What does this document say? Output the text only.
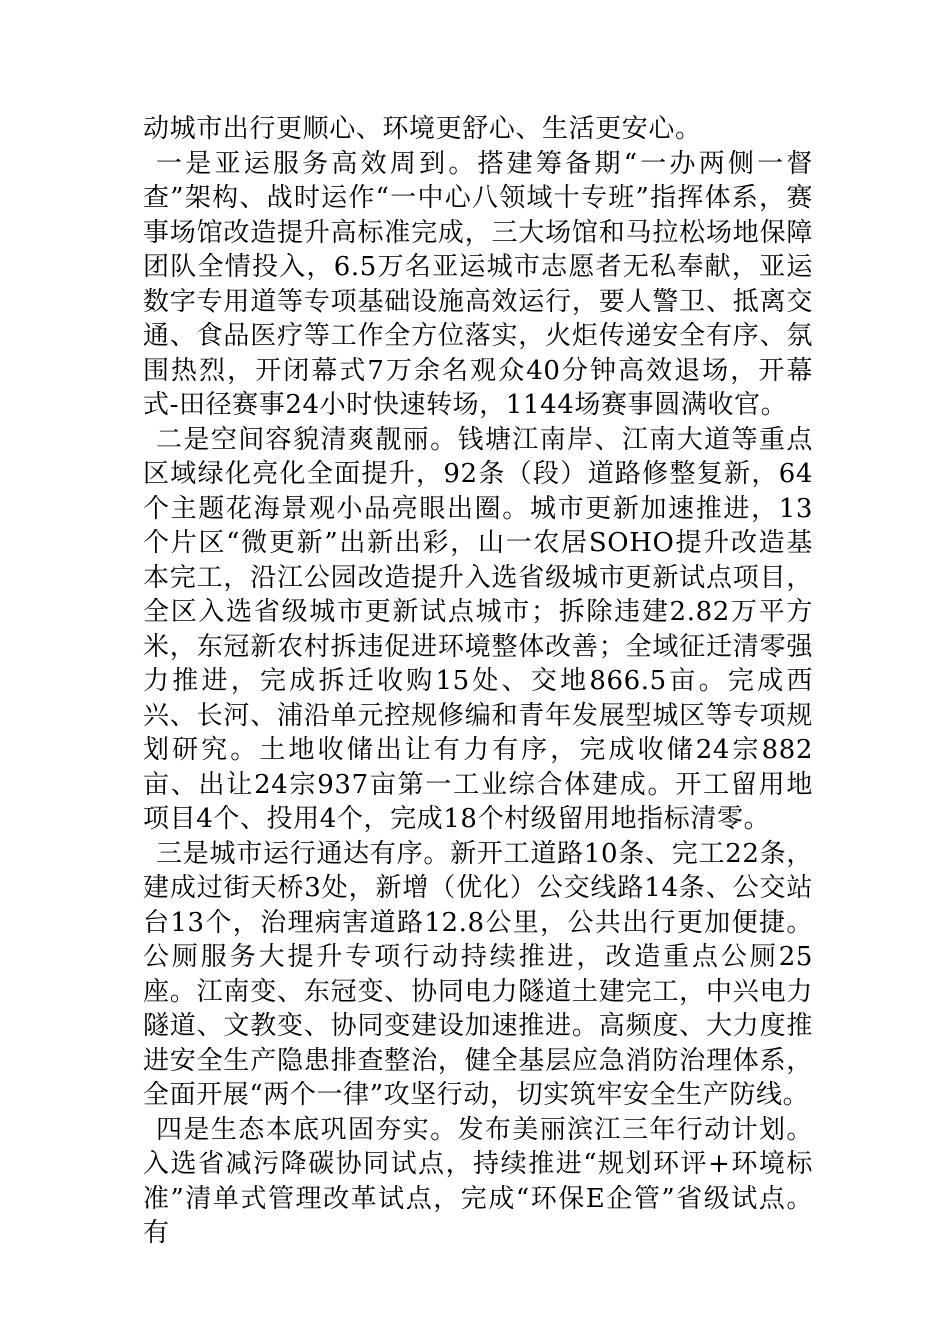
动城市出行更顺心、环境更舒心、生活更安心。

一是亚运服务高效周到。搭建筹备期“一办两侧一督查”架构、战时运作“一中心八领域十专班”指挥体系，赛事场馆改造提升高标准完成，三大场馆和马拉松场地保障团队全情投入，6.5万名亚运城市志愿者无私奉献，亚运数字专用道等专项基础设施高效运行，要人警卫、抵离交通、食品医疗等工作全方位落实，火炬传递安全有序、氛围热烈，开闭幕式7万余名观众40分钟高效退场，开幕式-田径赛事24小时快速转场，1144场赛事圆满收官。

二是空间容貌清爽靓丽。钱塘江南岸、江南大道等重点区域绿化亮化全面提升，92条（段）道路修整复新，64个主题花海景观小品亮眼出圈。城市更新加速推进，13个片区“微更新”出新出彩，山一农居SOHO提升改造基本完工，沿江公园改造提升入选省级城市更新试点项目，全区入选省级城市更新试点城市；拆除违建2.82万平方米，东冠新农村拆违促进环境整体改善；全域征迁清零强力推进，完成拆迁收购15处、交地866.5亩。完成西兴、长河、浦沿单元控规修编和青年发展型城区等专项规划研究。土地收储出让有力有序，完成收储24宗882亩、出让24宗937亩第一工业综合体建成。开工留用地项目4个、投用4个，完成18个村级留用地指标清零。

三是城市运行通达有序。新开工道路10条、完工22条，建成过街天桥3处，新增（优化）公交线路14条、公交站台13个，治理病害道路12.8公里，公共出行更加便捷。公厕服务大提升专项行动持续推进，改造重点公厕25座。江南变、东冠变、协同电力隧道土建完工，中兴电力隧道、文教变、协同变建设加速推进。高频度、大力度推进安全生产隐患排查整治，健全基层应急消防治理体系，全面开展“两个一律”攻坚行动，切实筑牢安全生产防线。

四是生态本底巩固夯实。发布美丽滨江三年行动计划。入选省减污降碳协同试点，持续推进“规划环评+环境标准”清单式管理改革试点，完成“环保E企管”省级试点。有
